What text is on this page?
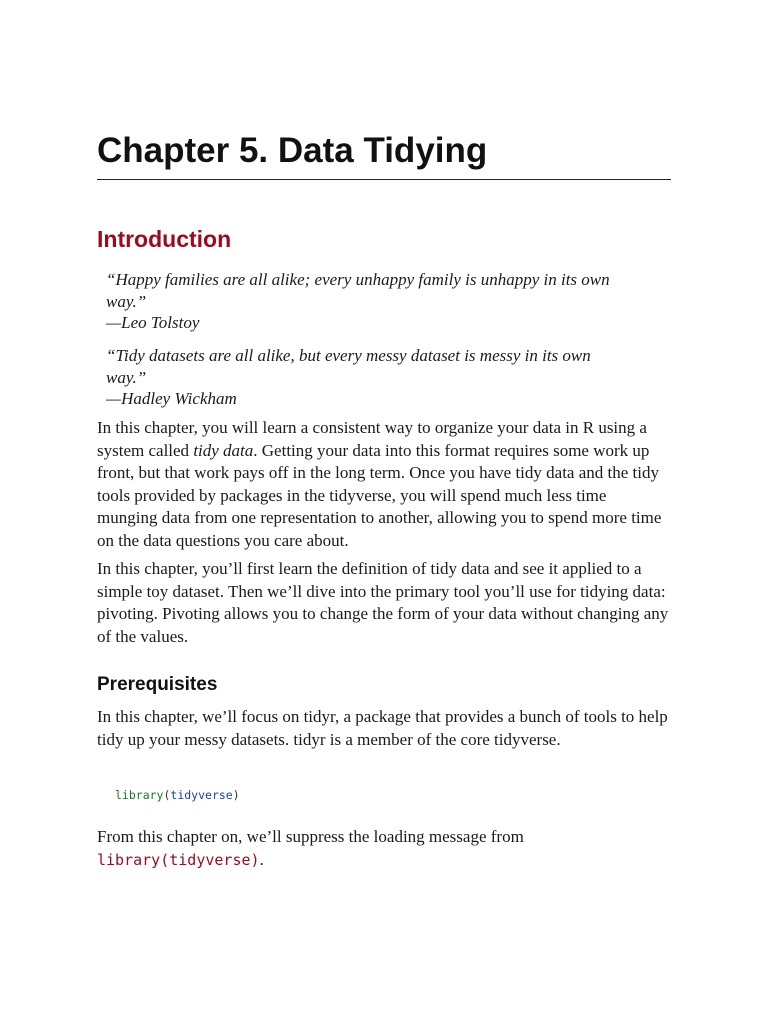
Chapter 5. Data Tidying
Introduction

“Happy families are all alike; every unhappy family is unhappy in its own

way.”

—Leo Tolstoy

“Tidy datasets are all alike, but every messy dataset is messy in its own

way.”

—Hadley Wickham

In this chapter, you will learn a consistent way to organize your data in R using a system called tidy data. Getting your data into this format requires some work up front, but that work pays off in the long term. Once you have tidy data and the tidy tools provided by packages in the tidyverse, you will spend much less time munging data from one representation to another, allowing you to spend more time on the data questions you care about.

In this chapter, you’ll first learn the definition of tidy data and see it applied to a simple toy dataset. Then we’ll dive into the primary tool you’ll use for tidying data: pivoting. Pivoting allows you to change the form of your data without changing any of the values.

Prerequisites

In this chapter, we’ll focus on tidyr, a package that provides a bunch of tools to help tidy up your messy datasets. tidyr is a member of the core tidyverse.

library(tidyverse)

From this chapter on, we’ll suppress the loading message from library(tidyverse).
